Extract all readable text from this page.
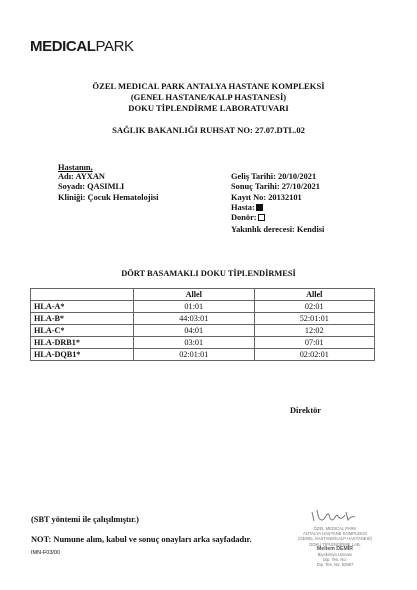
MEDICALPARK
ÖZEL MEDICAL PARK ANTALYA HASTANE KOMPLEKSİ
(GENEL HASTANE/KALP HASTANESİ)
DOKU TİPLENDİRME LABORATUVARI
SAĞLIK BAKANLIĞI RUHSAT NO: 27.07.DTL.02
Hastanın,
Adı: AYXAN
Soyadı: QASIMLI
Kliniği: Çocuk Hematolojisi
Geliş Tarihi: 20/10/2021
Sonuç Tarihi: 27/10/2021
Kayıt No: 20132101
Hasta:
Donör:
Yakınlık derecesi: Kendisi
DÖRT BASAMAKLI DOKU TİPLENDİRMESİ
	Allel	Allel
HLA-A*	01:01	02:01
HLA-B*	44:03:01	52:01:01
HLA-C*	04:01	12:02
HLA-DRB1*	03:01	07:01
HLA-DQB1*	02:01:01	02:02:01
Direktör
ÖZEL MEDICAL PARK
ANTALYA HASTANE KOMPLEKSİ
(GENEL HASTANE/KALP HASTANESİ)
DOKU TİPLENDİRME LAB.
Meltem DEMİR
Biyokimya Uzmanı
Dip. Tes. No:
Dip. Tes. No: 52987
(SBT yöntemi ile çalışılmıştır.)
NOT: Numune alım, kabul ve sonuç onayları arka sayfadadır.
IMN-F03/00
